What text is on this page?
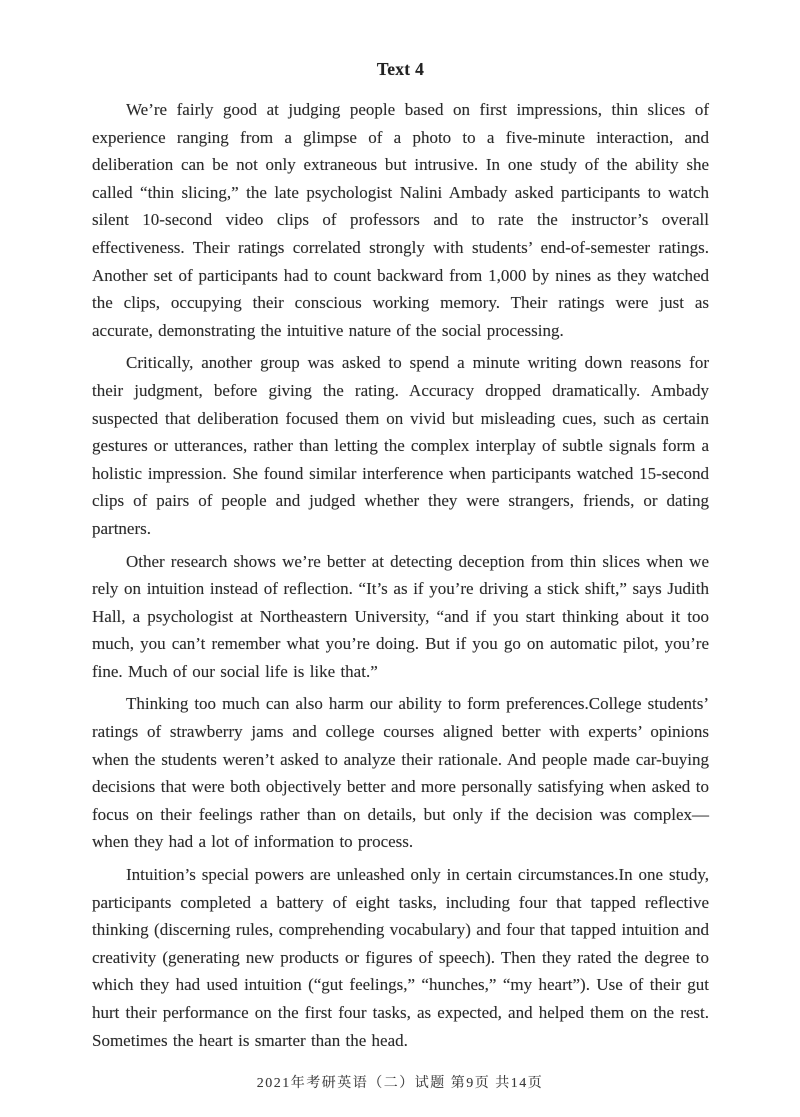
Text 4

We’re fairly good at judging people based on first impressions, thin slices of experience ranging from a glimpse of a photo to a five-minute interaction, and deliberation can be not only extraneous but intrusive. In one study of the ability she called “thin slicing,” the late psychologist Nalini Ambady asked participants to watch silent 10-second video clips of professors and to rate the instructor’s overall effectiveness. Their ratings correlated strongly with students’ end-of-semester ratings. Another set of participants had to count backward from 1,000 by nines as they watched the clips, occupying their conscious working memory. Their ratings were just as accurate, demonstrating the intuitive nature of the social processing.

Critically, another group was asked to spend a minute writing down reasons for their judgment, before giving the rating. Accuracy dropped dramatically. Ambady suspected that deliberation focused them on vivid but misleading cues, such as certain gestures or utterances, rather than letting the complex interplay of subtle signals form a holistic impression. She found similar interference when participants watched 15-second clips of pairs of people and judged whether they were strangers, friends, or dating partners.

Other research shows we’re better at detecting deception from thin slices when we rely on intuition instead of reflection. “It’s as if you’re driving a stick shift,” says Judith Hall, a psychologist at Northeastern University, “and if you start thinking about it too much, you can’t remember what you’re doing. But if you go on automatic pilot, you’re fine. Much of our social life is like that.”

Thinking too much can also harm our ability to form preferences.College students’ ratings of strawberry jams and college courses aligned better with experts’ opinions when the students weren’t asked to analyze their rationale. And people made car-buying decisions that were both objectively better and more personally satisfying when asked to focus on their feelings rather than on details, but only if the decision was complex—when they had a lot of information to process.

Intuition’s special powers are unleashed only in certain circumstances.In one study, participants completed a battery of eight tasks, including four that tapped reflective thinking (discerning rules, comprehending vocabulary) and four that tapped intuition and creativity (generating new products or figures of speech). Then they rated the degree to which they had used intuition (“gut feelings,” “hunches,” “my heart”). Use of their gut hurt their performance on the first four tasks, as expected, and helped them on the rest. Sometimes the heart is smarter than the head.

2021年考研英语（二）试题 第9页 共14页
